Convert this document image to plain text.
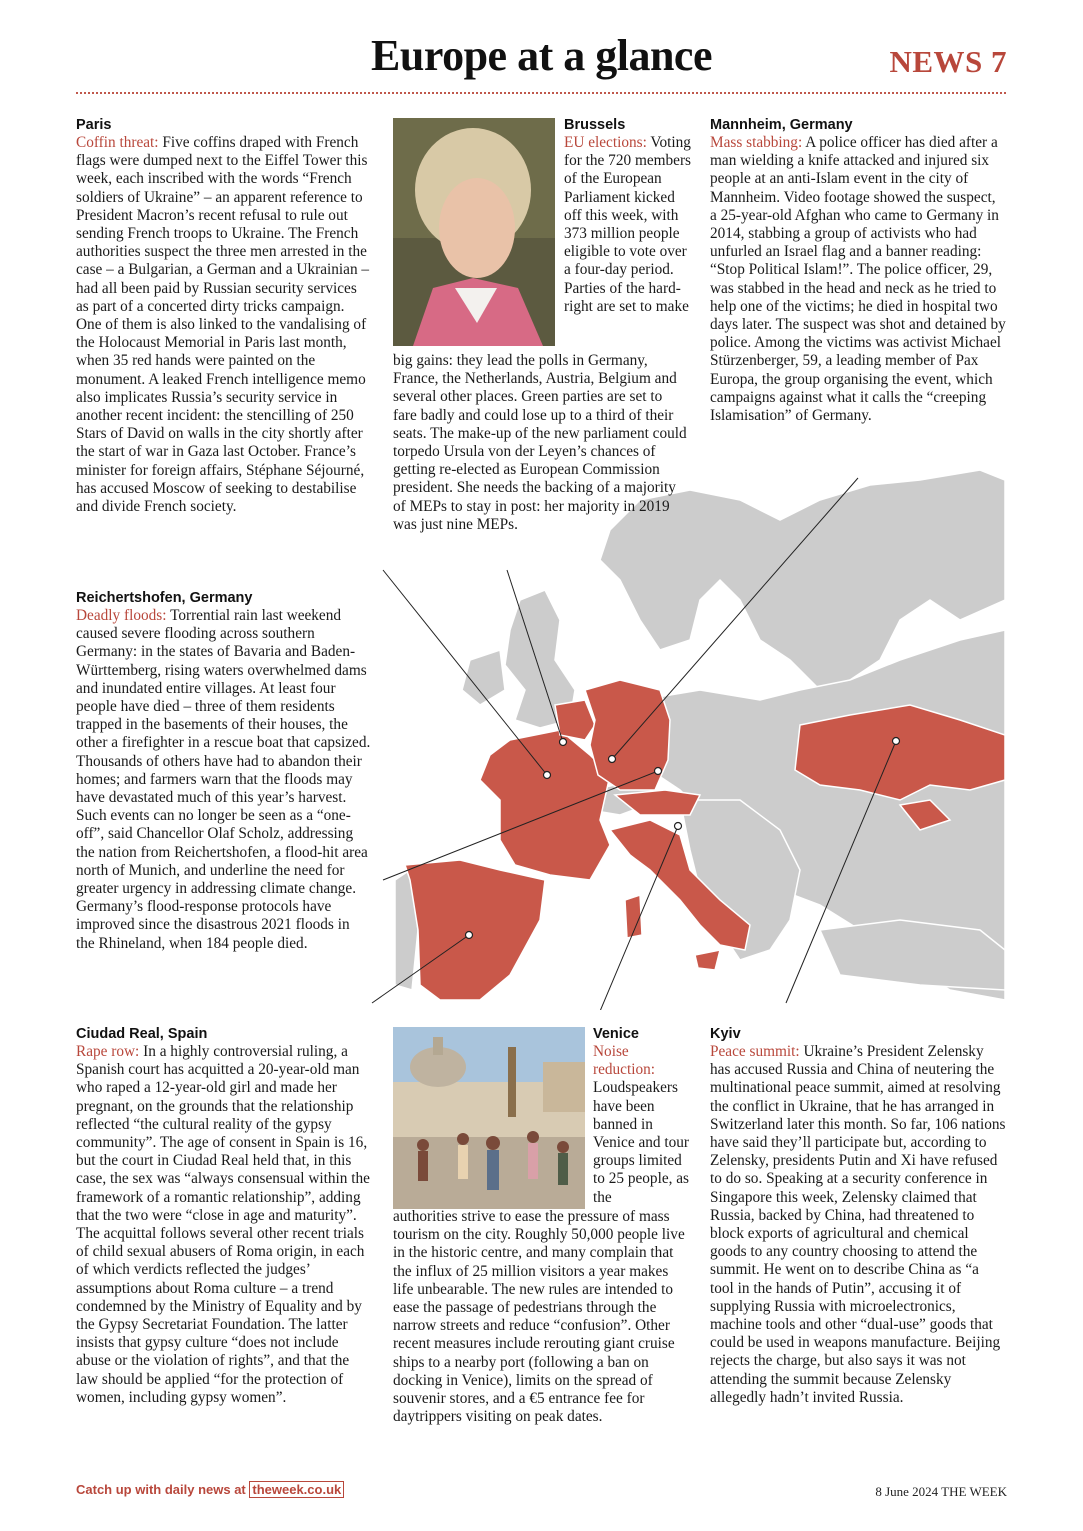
Europe at a glance	NEWS 7
Paris
Coffin threat: Five coffins draped with French flags were dumped next to the Eiffel Tower this week, each inscribed with the words “French soldiers of Ukraine” – an apparent reference to President Macron’s recent refusal to rule out sending French troops to Ukraine. The French authorities suspect the three men arrested in the case – a Bulgarian, a German and a Ukrainian – had all been paid by Russian security services as part of a concerted dirty tricks campaign. One of them is also linked to the vandalising of the Holocaust Memorial in Paris last month, when 35 red hands were painted on the monument. A leaked French intelligence memo also implicates Russia’s security service in another recent incident: the stencilling of 250 Stars of David on walls in the city shortly after the start of war in Gaza last October. France’s minister for foreign affairs, Stéphane Séjourné, has accused Moscow of seeking to destabilise and divide French society.
Brussels
EU elections: Voting for the 720 members of the European Parliament kicked off this week, with 373 million people eligible to vote over a four-day period. Parties of the hard-right are set to make
big gains: they lead the polls in Germany, France, the Netherlands, Austria, Belgium and several other places. Green parties are set to fare badly and could lose up to a third of their seats. The make-up of the new parliament could torpedo Ursula von der Leyen’s chances of getting re-elected as European Commission president. She needs the backing of a majority of MEPs to stay in post: her majority in 2019 was just nine MEPs.
Mannheim, Germany
Mass stabbing: A police officer has died after a man wielding a knife attacked and injured six people at an anti-Islam event in the city of Mannheim. Video footage showed the suspect, a 25-year-old Afghan who came to Germany in 2014, stabbing a group of activists who had unfurled an Israel flag and a banner reading: “Stop Political Islam!”. The police officer, 29, was stabbed in the head and neck as he tried to help one of the victims; he died in hospital two days later. The suspect was shot and detained by police. Among the victims was activist Michael Stürzenberger, 59, a leading member of Pax Europa, the group organising the event, which campaigns against what it calls the “creeping Islamisation” of Germany.
Reichertshofen, Germany
Deadly floods: Torrential rain last weekend caused severe flooding across southern Germany: in the states of Bavaria and Baden-Württemberg, rising waters overwhelmed dams and inundated entire villages. At least four people have died – three of them residents trapped in the basements of their houses, the other a firefighter in a rescue boat that capsized. Thousands of others have had to abandon their homes; and farmers warn that the floods may have devastated much of this year’s harvest. Such events can no longer be seen as a “one-off”, said Chancellor Olaf Scholz, addressing the nation from Reichertshofen, a flood-hit area north of Munich, and underline the need for greater urgency in addressing climate change. Germany’s flood-response protocols have improved since the disastrous 2021 floods in the Rhineland, when 184 people died.
Ciudad Real, Spain
Rape row: In a highly controversial ruling, a Spanish court has acquitted a 20-year-old man who raped a 12-year-old girl and made her pregnant, on the grounds that the relationship reflected “the cultural reality of the gypsy community”. The age of consent in Spain is 16, but the court in Ciudad Real held that, in this case, the sex was “always consensual within the framework of a romantic relationship”, adding that the two were “close in age and maturity”. The acquittal follows several other recent trials of child sexual abusers of Roma origin, in each of which verdicts reflected the judges’ assumptions about Roma culture – a trend condemned by the Ministry of Equality and by the Gypsy Secretariat Foundation. The latter insists that gypsy culture “does not include abuse or the violation of rights”, and that the law should be applied “for the protection of women, including gypsy women”.
Venice
Noise reduction: Loudspeakers have been banned in Venice and tour groups limited to 25 people, as the
authorities strive to ease the pressure of mass tourism on the city. Roughly 50,000 people live in the historic centre, and many complain that the influx of 25 million visitors a year makes life unbearable. The new rules are intended to ease the passage of pedestrians through the narrow streets and reduce “confusion”. Other recent measures include rerouting giant cruise ships to a nearby port (following a ban on docking in Venice), limits on the spread of souvenir stores, and a €5 entrance fee for daytrippers visiting on peak dates.
Kyiv
Peace summit: Ukraine’s President Zelensky has accused Russia and China of neutering the multinational peace summit, aimed at resolving the conflict in Ukraine, that he has arranged in Switzerland later this month. So far, 106 nations have said they’ll participate but, according to Zelensky, presidents Putin and Xi have refused to do so. Speaking at a security conference in Singapore this week, Zelensky claimed that Russia, backed by China, had threatened to block exports of agricultural and chemical goods to any country choosing to attend the summit. He went on to describe China as “a tool in the hands of Putin”, accusing it of supplying Russia with microelectronics, machine tools and other “dual-use” goods that could be used in weapons manufacture. Beijing rejects the charge, but also says it was not attending the summit because Zelensky allegedly hadn’t invited Russia.
Catch up with daily news at theweek.co.uk	8 June 2024 THE WEEK
